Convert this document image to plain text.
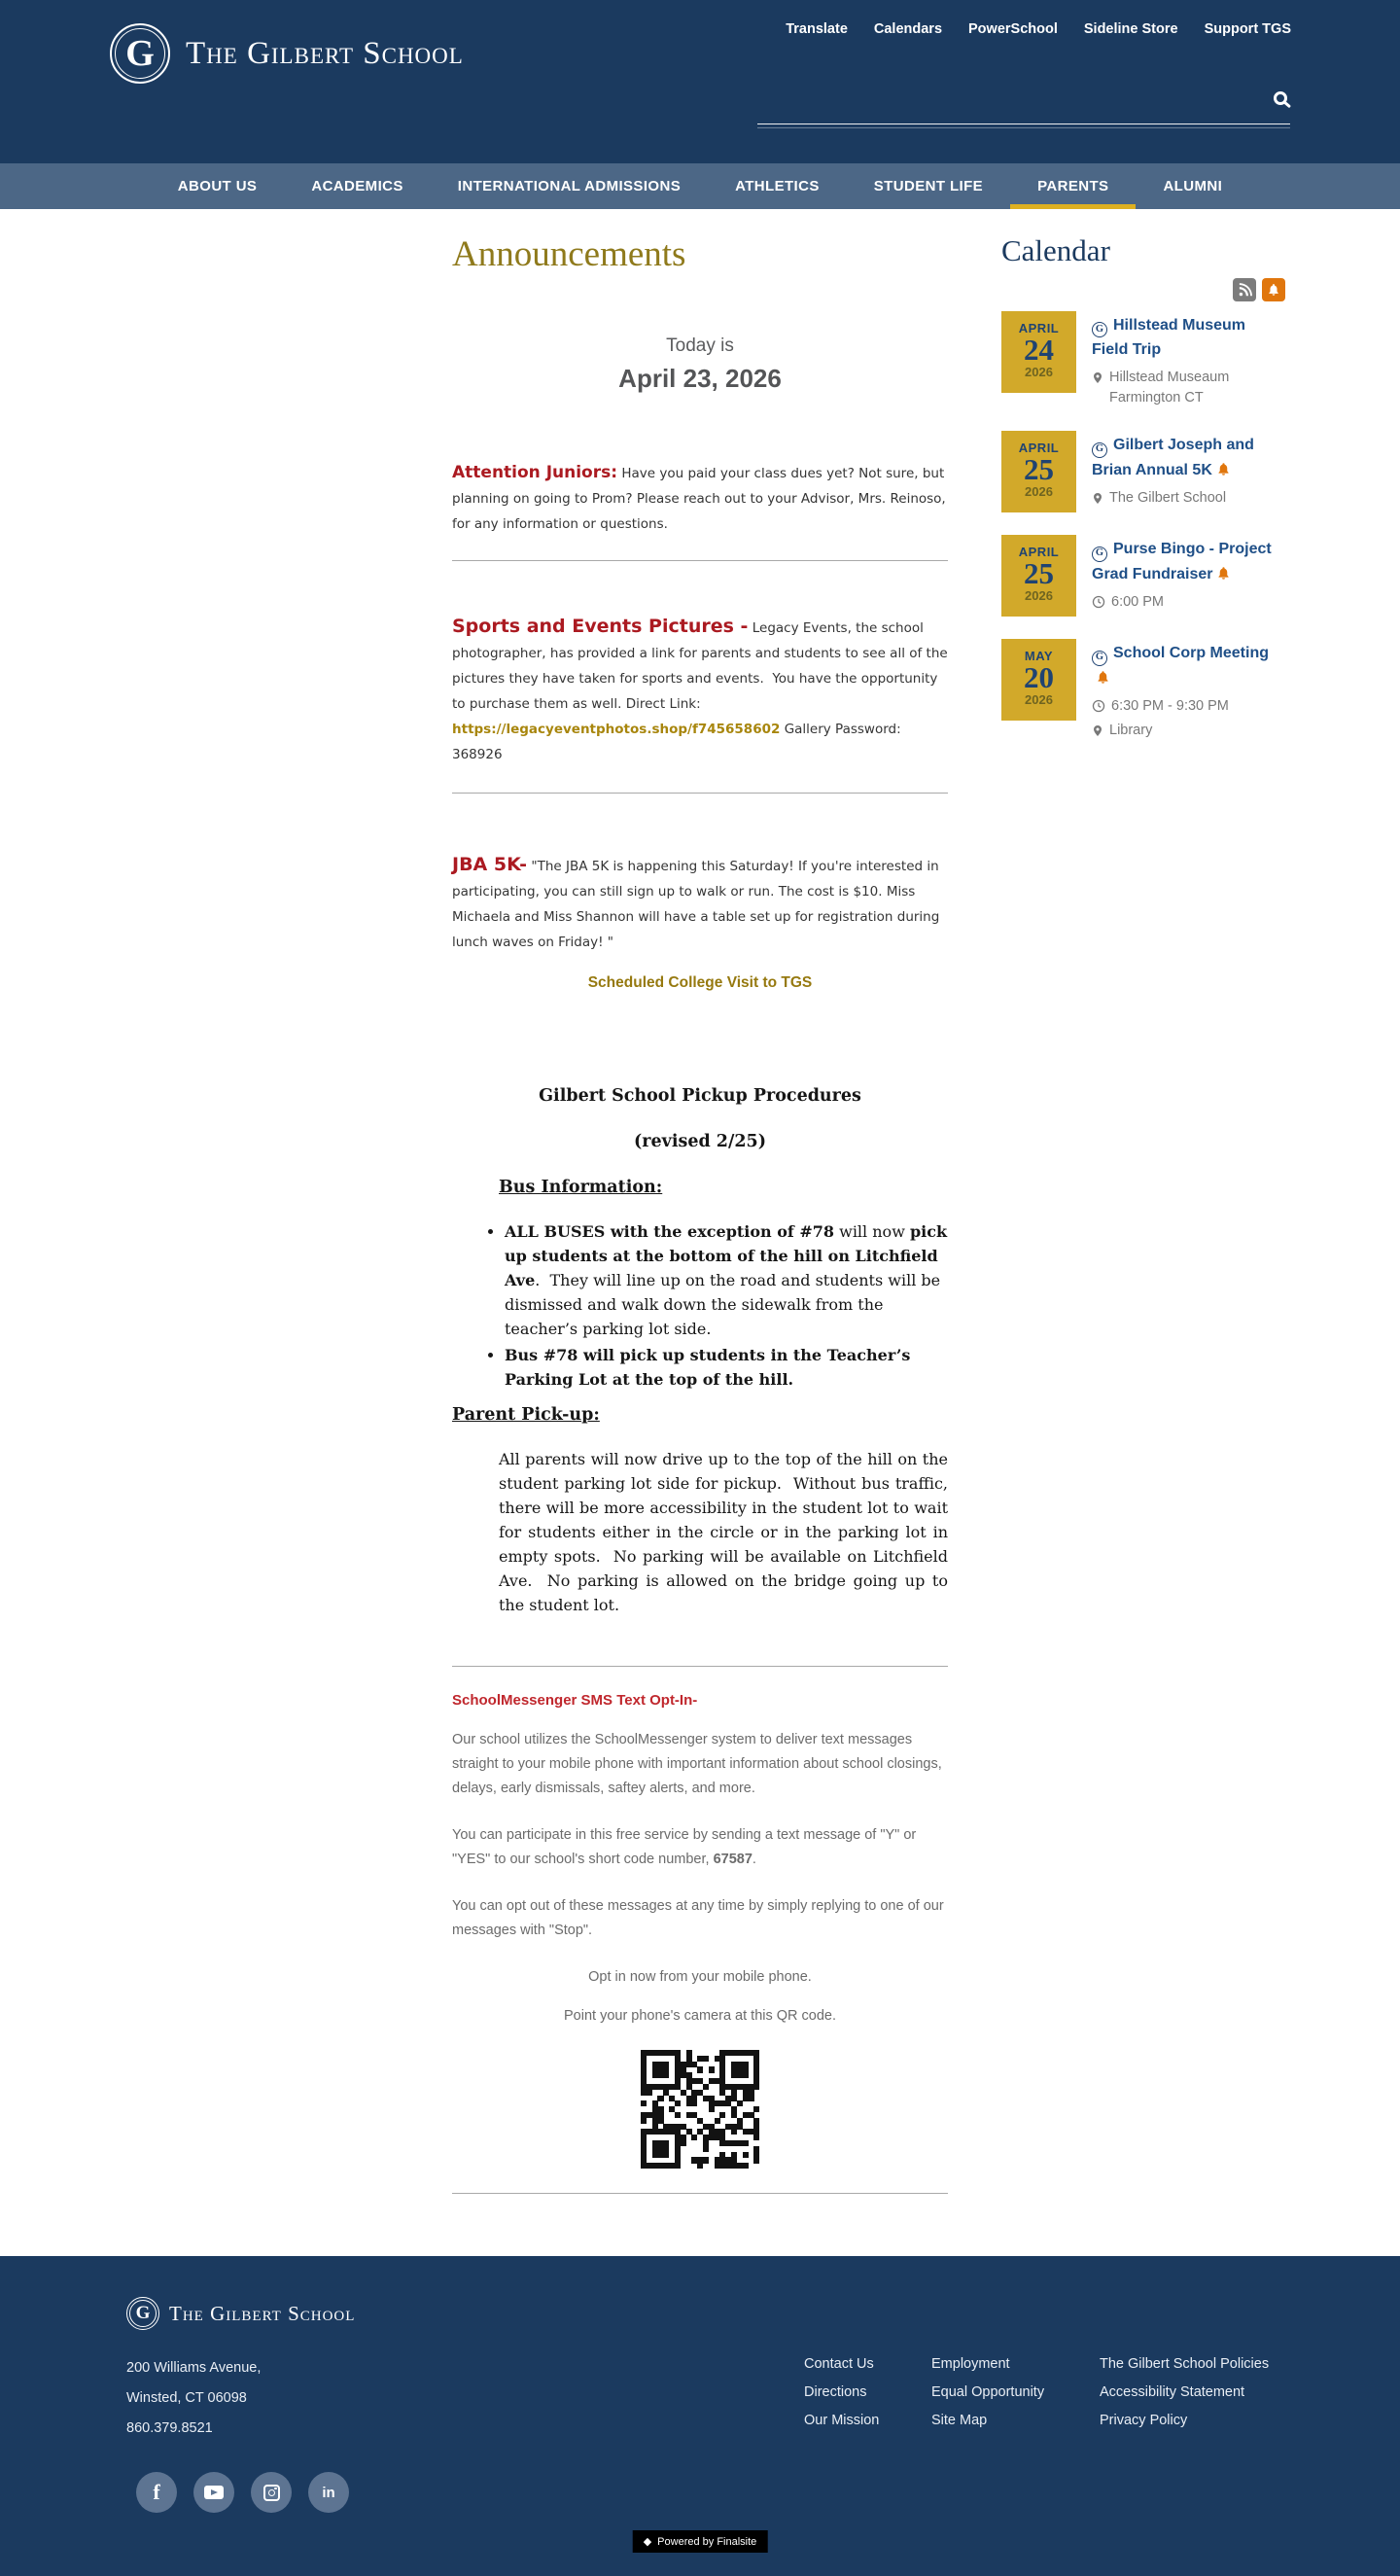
G The Gilbert School
Translate Calendars PowerSchool Sideline Store Support TGS
ABOUT US	ACADEMICS	INTERNATIONAL ADMISSIONS	ATHLETICS	STUDENT LIFE	PARENTS	ALUMNI
Announcements

Today is

April 23, 2026

Attention Juniors: Have you paid your class dues yet? Not sure, but planning on going to Prom? Please reach out to your Advisor, Mrs. Reinoso, for any information or questions.

Sports and Events Pictures - Legacy Events, the school photographer, has provided a link for parents and students to see all of the pictures they have taken for sports and events.  You have the opportunity to purchase them as well. Direct Link:
https://legacyeventphotos.shop/f745658602 Gallery Password: 368926

JBA 5K- "The JBA 5K is happening this Saturday! If you're interested in participating, you can still sign up to walk or run. The cost is $10. Miss Michaela and Miss Shannon will have a table set up for registration during lunch waves on Friday! "

Scheduled College Visit to TGS

Gilbert School Pickup Procedures

(revised 2/25)

Bus Information:

• ALL BUSES with the exception of #78 will now pick up students at the bottom of the hill on Litchfield Ave.  They will line up on the road and students will be dismissed and walk down the sidewalk from the teacher’s parking lot side.
• Bus #78 will pick up students in the Teacher’s Parking Lot at the top of the hill.

Parent Pick-up:

All parents will now drive up to the top of the hill on the student parking lot side for pickup.  Without bus traffic, there will be more accessibility in the student lot to wait for students either in the circle or in the parking lot in empty spots.  No parking will be available on Litchfield Ave.  No parking is allowed on the bridge going up to the student lot.

SchoolMessenger SMS Text Opt-In-

Our school utilizes the SchoolMessenger system to deliver text messages straight to your mobile phone with important information about school closings, delays, early dismissals, saftey alerts, and more.

You can participate in this free service by sending a text message of "Y" or "YES" to our school's short code number, 67587.

You can opt out of these messages at any time by simply replying to one of our messages with "Stop".

Opt in now from your mobile phone.

Point your phone's camera at this QR code.

Calendar
APRIL
24
2026
G Hillstead Museum Field Trip
Hillstead Museaum Farmington CT
APRIL
25
2026
G Gilbert Joseph and Brian Annual 5K
The Gilbert School
APRIL
25
2026
G Purse Bingo - Project Grad Fundraiser
6:00 PM
MAY
20
2026
G School Corp Meeting
6:30 PM - 9:30 PM
Library
G The Gilbert School
200 Williams Avenue,
Winsted, CT 06098
860.379.8521
Contact Us
Directions
Our Mission
Employment
Equal Opportunity
Site Map
The Gilbert School Policies
Accessibility Statement
Privacy Policy
f	in
◆ Powered by Finalsite
